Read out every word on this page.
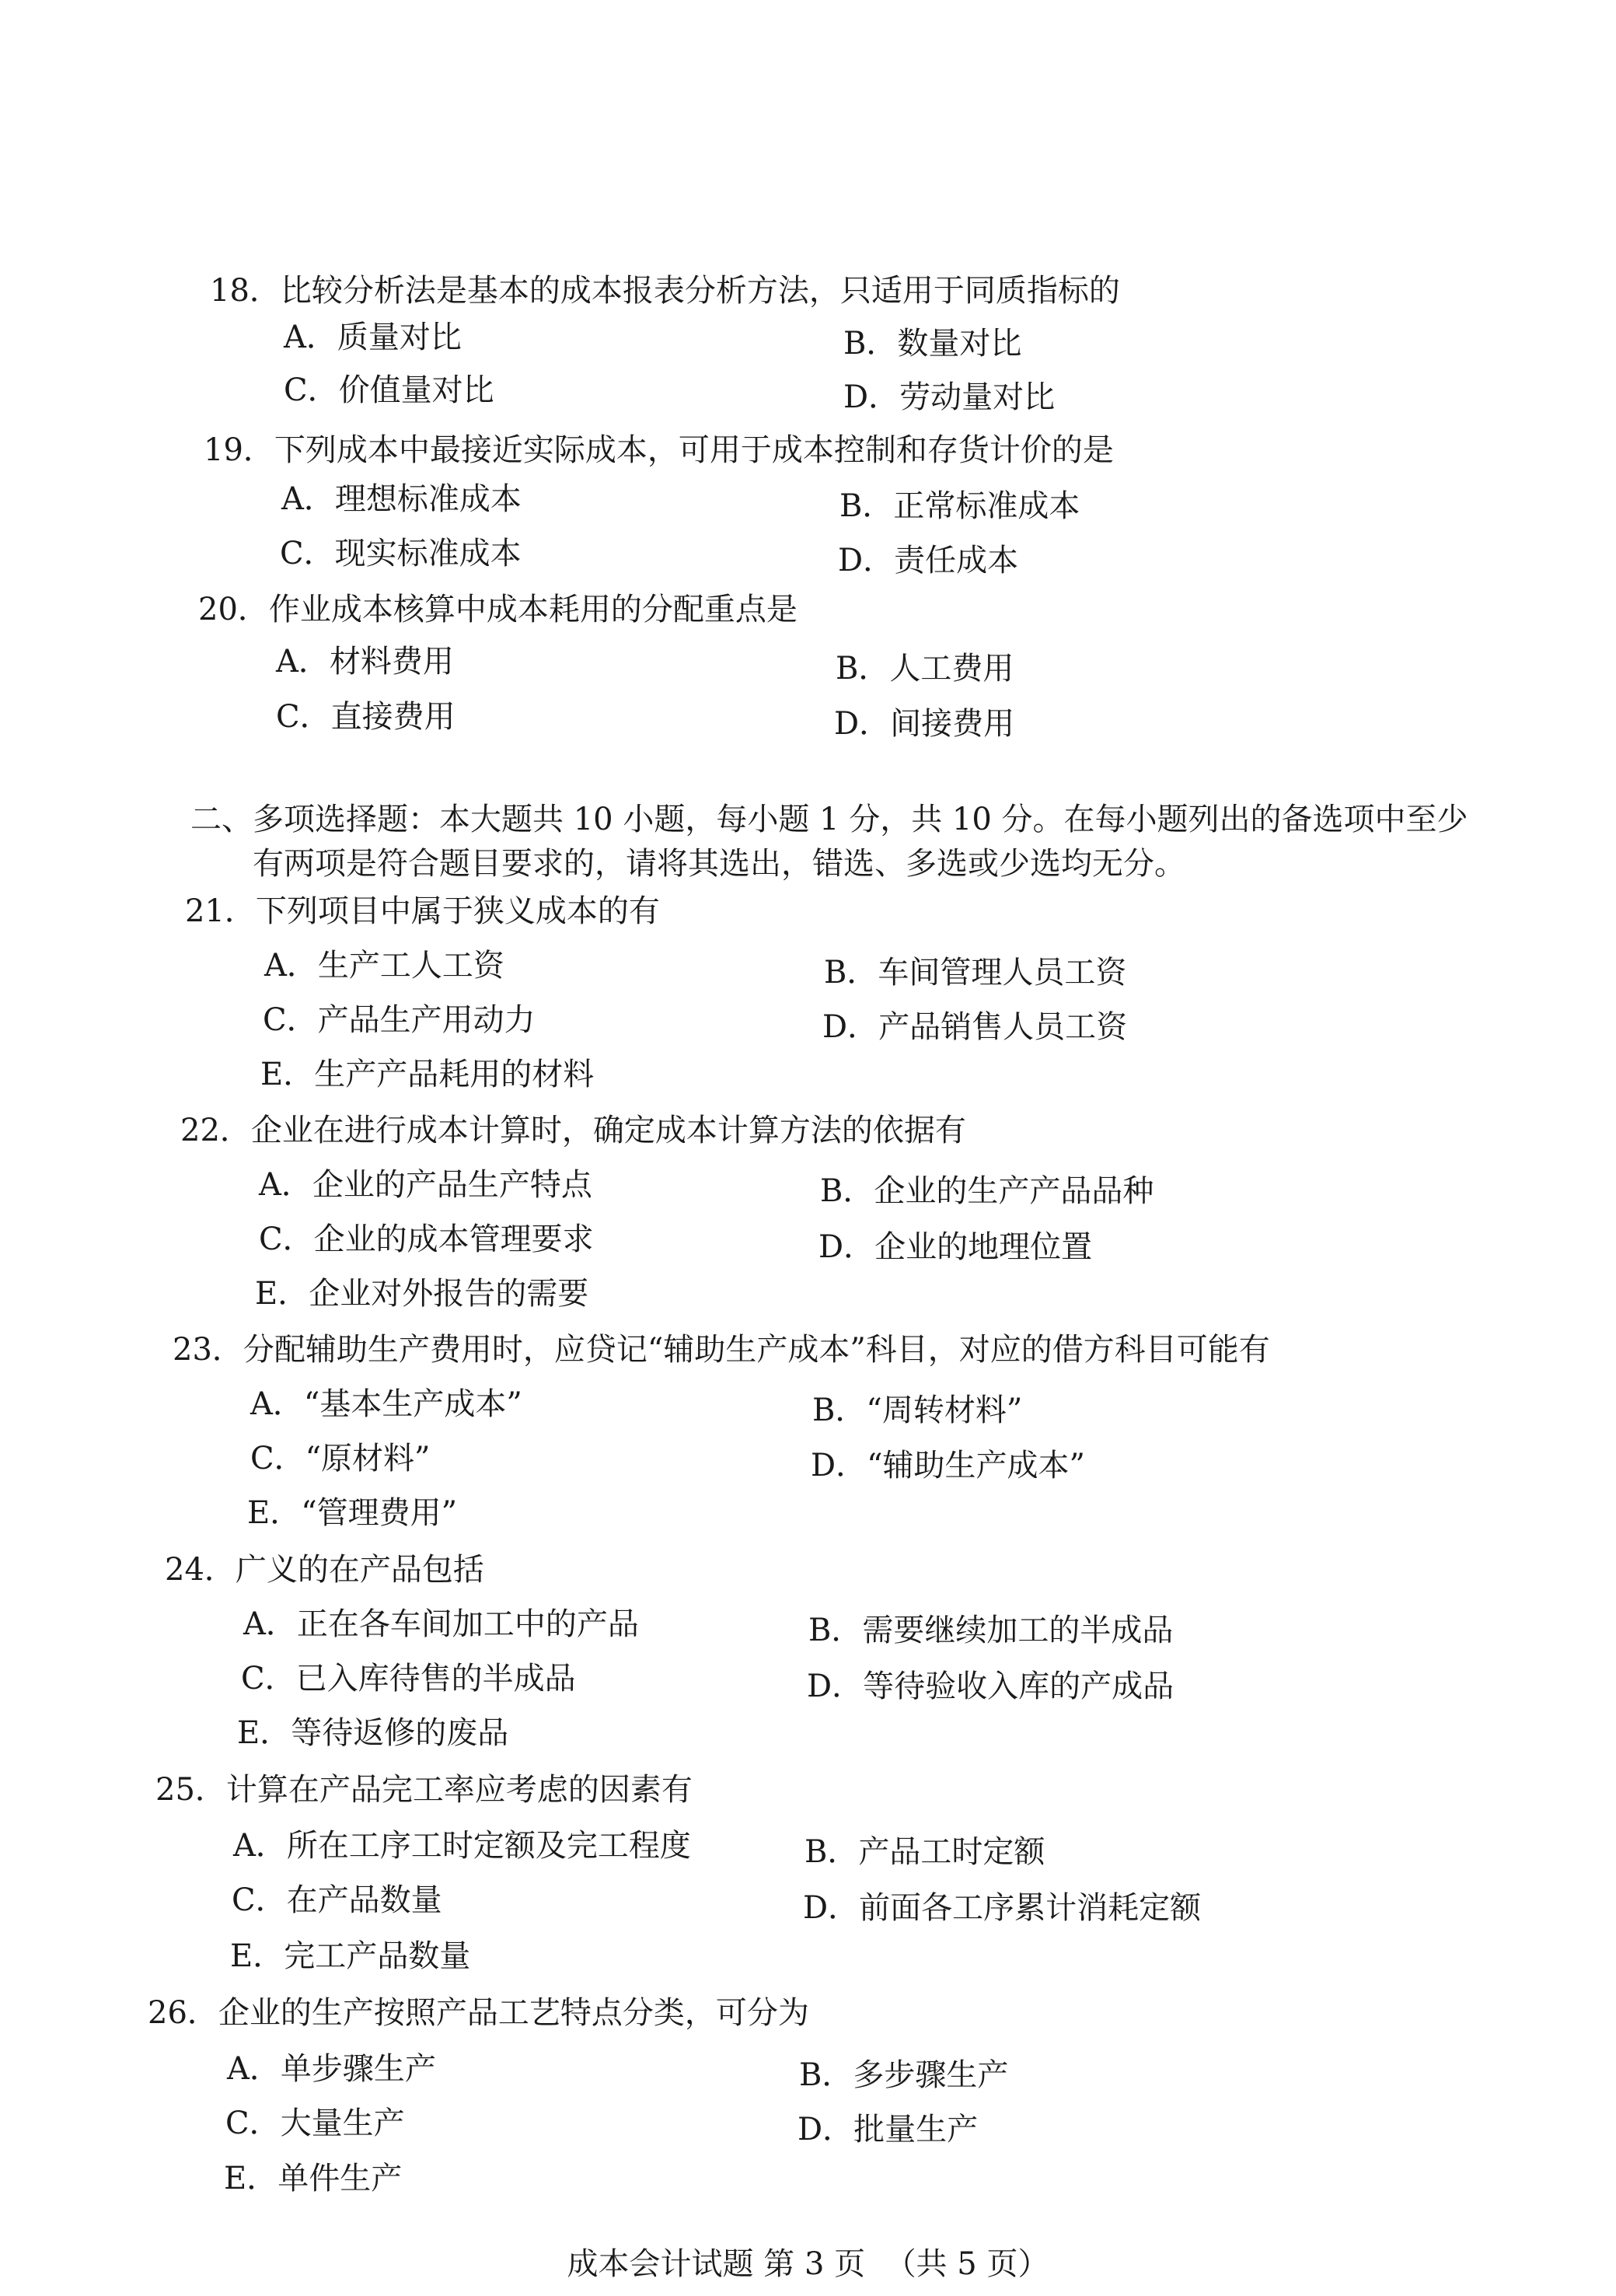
18．比较分析法是基本的成本报表分析方法，只适用于同质指标的
A．质量对比	B．数量对比
C．价值量对比	D．劳动量对比
19．下列成本中最接近实际成本，可用于成本控制和存货计价的是
A．理想标准成本	B．正常标准成本
C．现实标准成本	D．责任成本
20．作业成本核算中成本耗用的分配重点是
A．材料费用	B．人工费用
C．直接费用	D．间接费用
二、多项选择题：本大题共 10 小题，每小题 1 分，共 10 分。在每小题列出的备选项中至少
有两项是符合题目要求的，请将其选出，错选、多选或少选均无分。
21．下列项目中属于狭义成本的有
A．生产工人工资	B．车间管理人员工资
C．产品生产用动力	D．产品销售人员工资
E．生产产品耗用的材料
22．企业在进行成本计算时，确定成本计算方法的依据有
A．企业的产品生产特点	B．企业的生产产品品种
C．企业的成本管理要求	D．企业的地理位置
E．企业对外报告的需要
23．分配辅助生产费用时，应贷记“辅助生产成本”科目，对应的借方科目可能有
A．“基本生产成本”	B．“周转材料”
C．“原材料”	D．“辅助生产成本”
E．“管理费用”
24．广义的在产品包括
A．正在各车间加工中的产品	B．需要继续加工的半成品
C．已入库待售的半成品	D．等待验收入库的产成品
E．等待返修的废品
25．计算在产品完工率应考虑的因素有
A．所在工序工时定额及完工程度	B．产品工时定额
C．在产品数量	D．前面各工序累计消耗定额
E．完工产品数量
26．企业的生产按照产品工艺特点分类，可分为
A．单步骤生产	B．多步骤生产
C．大量生产	D．批量生产
E．单件生产
成本会计试题 第 3 页 （共 5 页）
